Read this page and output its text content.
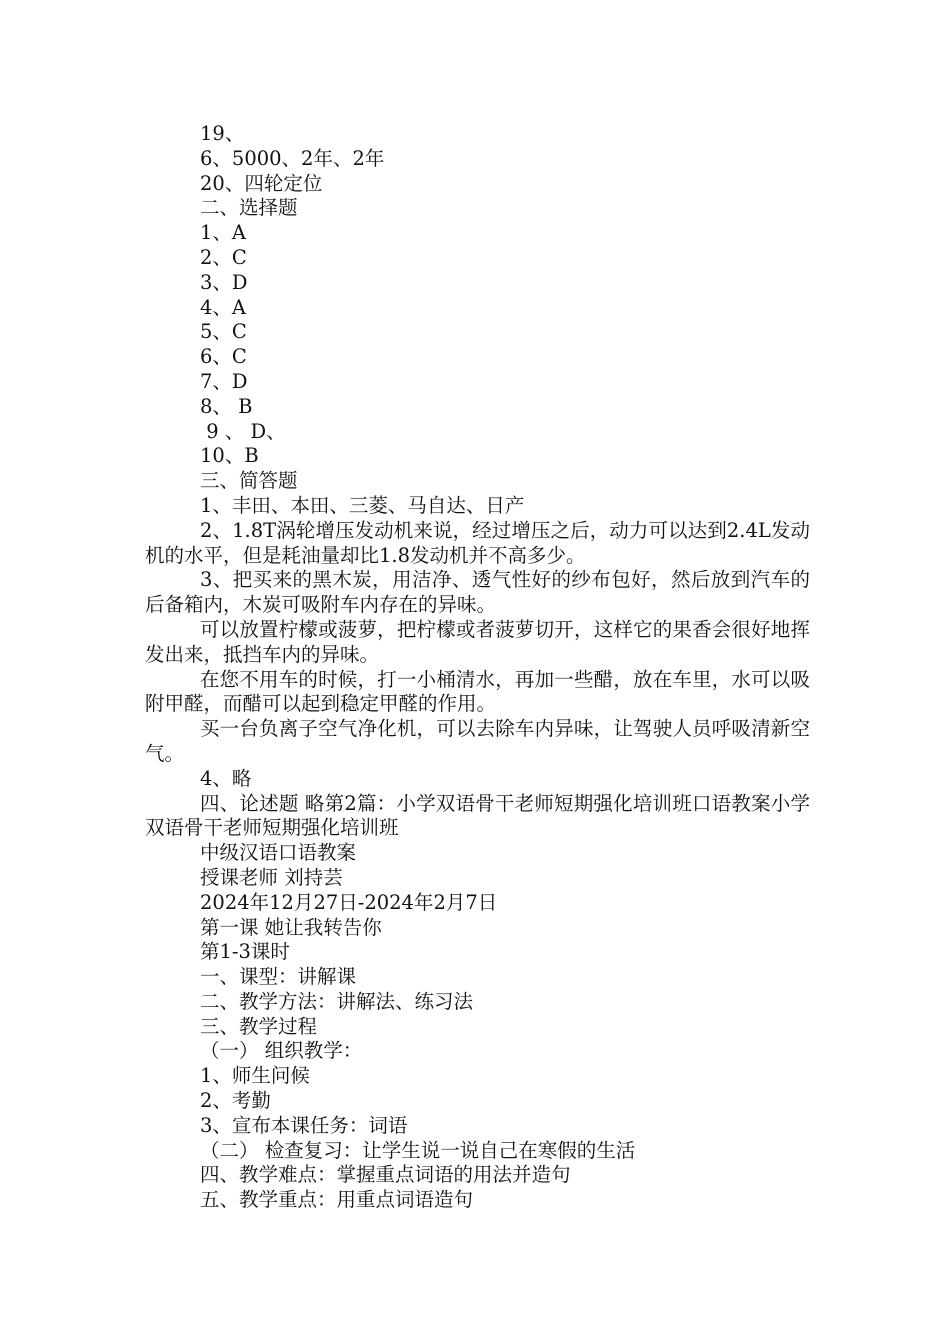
19、
6、5000、2年、2年
20、四轮定位
二、选择题
1、A
2、C
3、D
4、A
5、C
6、C
7、D
8、 B
9 、 D、
10、B
三、简答题
1、丰田、本田、三菱、马自达、日产

2、1.8T涡轮增压发动机来说，经过增压之后，动力可以达到2.4L发动机的水平，但是耗油量却比1.8发动机并不高多少。

3、把买来的黑木炭，用洁净、透气性好的纱布包好，然后放到汽车的后备箱内，木炭可吸附车内存在的异味。

可以放置柠檬或菠萝，把柠檬或者菠萝切开，这样它的果香会很好地挥发出来，抵挡车内的异味。

在您不用车的时候，打一小桶清水，再加一些醋，放在车里，水可以吸附甲醛，而醋可以起到稳定甲醛的作用。

买一台负离子空气净化机，可以去除车内异味，让驾驶人员呼吸清新空气。

4、略

四、论述题 略第2篇：小学双语骨干老师短期强化培训班口语教案小学双语骨干老师短期强化培训班

中级汉语口语教案
授课老师 刘持芸
2024年12月27日-2024年2月7日
第一课 她让我转告你
第1-3课时
一、课型：讲解课
二、教学方法：讲解法、练习法
三、教学过程
（一） 组织教学：
1、师生问候
2、考勤
3、宣布本课任务：词语
（二） 检查复习：让学生说一说自己在寒假的生活
四、教学难点：掌握重点词语的用法并造句
五、教学重点：用重点词语造句
